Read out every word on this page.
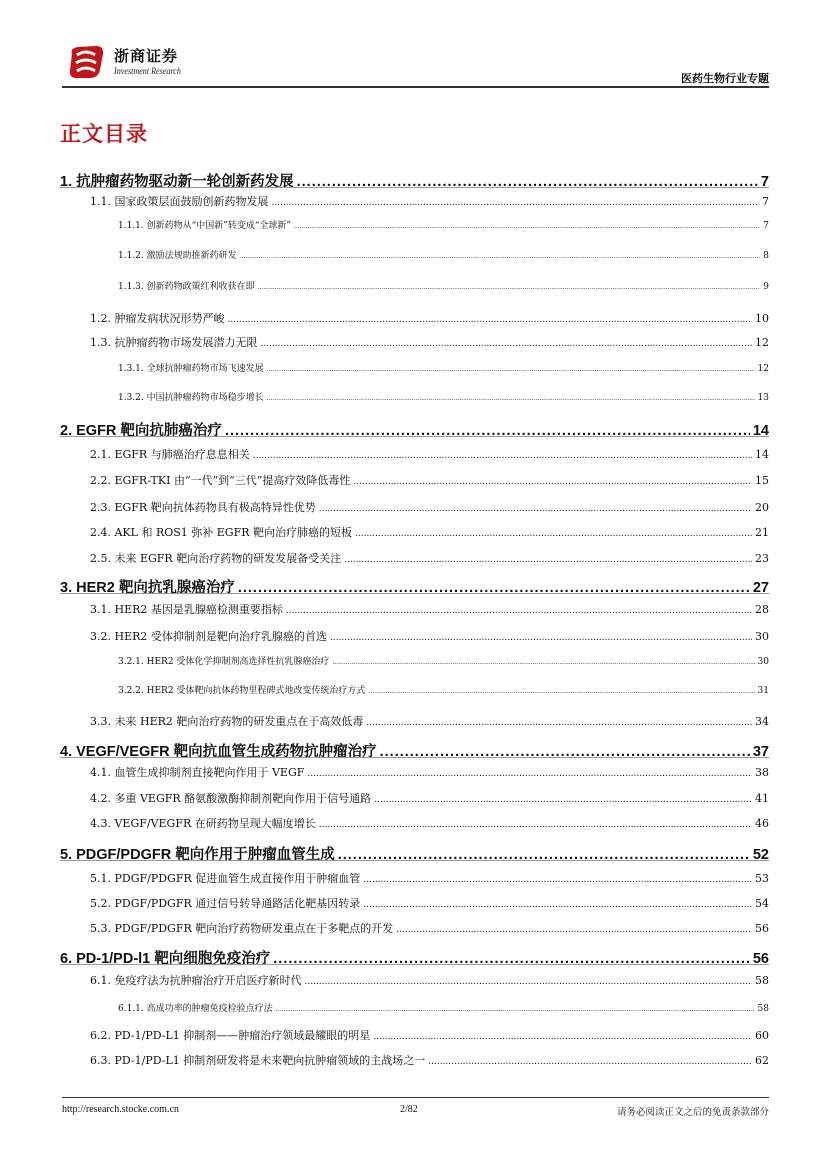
浙商证券
Investment Research
医药生物行业专题
正文目录
1. 抗肿瘤药物驱动新一轮创新药发展 .....	7
1.1. 国家政策层面鼓励创新药物发展 .....	7
1.1.1. 创新药物从“中国新”转变成“全球新” .....	7
1.1.2. 激励法规助推新药研发 .....	8
1.1.3. 创新药物政策红利收获在即 .....	9
1.2. 肿瘤发病状况形势严峻 .....	10
1.3. 抗肿瘤药物市场发展潜力无限 .....	12
1.3.1. 全球抗肿瘤药物市场飞速发展 .....	12
1.3.2. 中国抗肿瘤药物市场稳步增长 .....	13
2. EGFR 靶向抗肺癌治疗 .....	14
2.1. EGFR 与肺癌治疗息息相关 .....	14
2.2. EGFR-TKI 由“一代”到“三代”提高疗效降低毒性 .....	15
2.3. EGFR 靶向抗体药物具有极高特异性优势 .....	20
2.4. AKL 和 ROS1 弥补 EGFR 靶向治疗肺癌的短板 .....	21
2.5. 未来 EGFR 靶向治疗药物的研发发展备受关注 .....	23
3. HER2 靶向抗乳腺癌治疗 .....	27
3.1. HER2 基因是乳腺癌检测重要指标 .....	28
3.2. HER2 受体抑制剂是靶向治疗乳腺癌的首选 .....	30
3.2.1. HER2 受体化学抑制剂高选择性抗乳腺癌治疗 .....	30
3.2.2. HER2 受体靶向抗体药物里程碑式地改变传统治疗方式 .....	31
3.3. 未来 HER2 靶向治疗药物的研发重点在于高效低毒 .....	34
4. VEGF/VEGFR 靶向抗血管生成药物抗肿瘤治疗 .....	37
4.1. 血管生成抑制剂直接靶向作用于 VEGF .....	38
4.2. 多重 VEGFR 酪氨酸激酶抑制剂靶向作用于信号通路 .....	41
4.3. VEGF/VEGFR 在研药物呈现大幅度增长 .....	46
5. PDGF/PDGFR 靶向作用于肿瘤血管生成 .....	52
5.1. PDGF/PDGFR 促进血管生成直接作用于肿瘤血管 .....	53
5.2. PDGF/PDGFR 通过信号转导通路活化靶基因转录 .....	54
5.3. PDGF/PDGFR 靶向治疗药物研发重点在于多靶点的开发 .....	56
6. PD-1/PD-l1 靶向细胞免疫治疗 .....	56
6.1. 免疫疗法为抗肿瘤治疗开启医疗新时代 .....	58
6.1.1. 高成功率的肿瘤免疫检验点疗法 .....	58
6.2. PD-1/PD-L1 抑制剂——肿瘤治疗领域最耀眼的明星 .....	60
6.3. PD-1/PD-L1 抑制剂研发将是未来靶向抗肿瘤领域的主战场之一 .....	62
http://research.stocke.com.cn	2/82	请务必阅读正文之后的免责条款部分
